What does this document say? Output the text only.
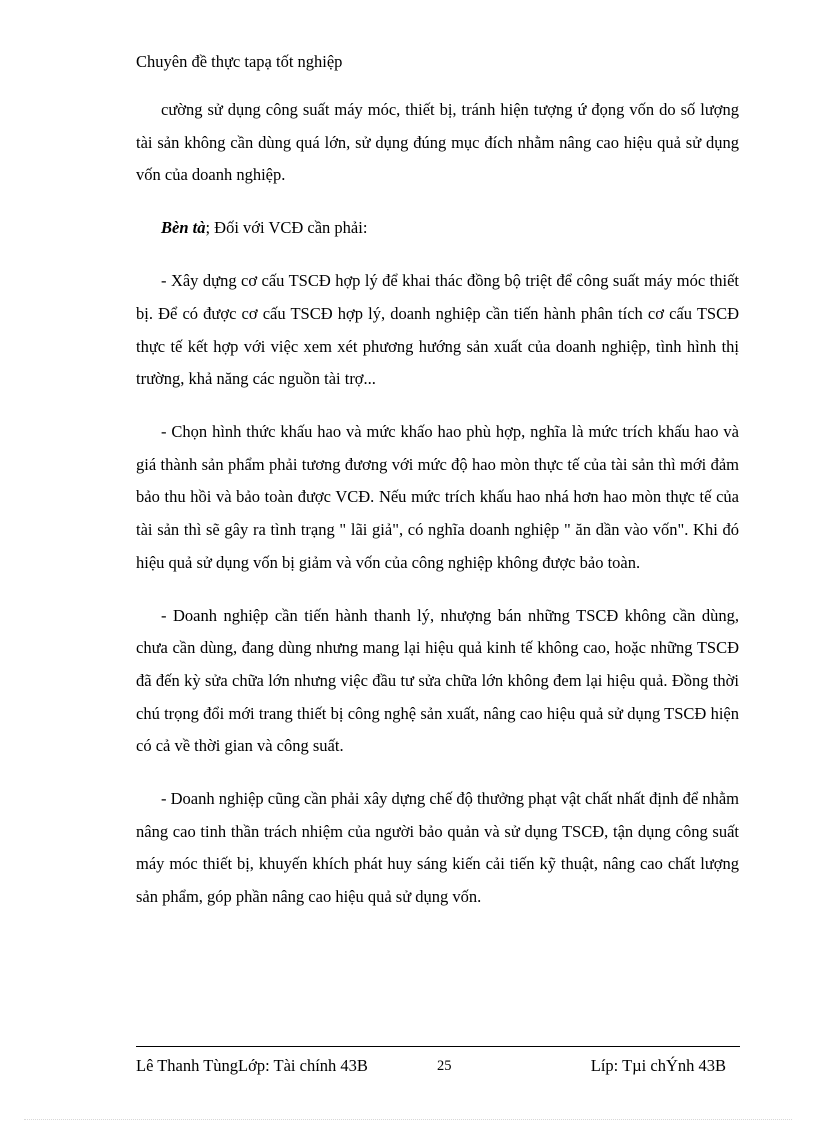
Chuyên đề thực tapạ tốt nghiệp

cường sử dụng công suất máy móc, thiết bị, tránh hiện tượng ứ đọng vốn do số lượng tài sản không cần dùng quá lớn, sử dụng đúng mục đích nhằm nâng cao hiệu quả sử dụng vốn của doanh nghiệp.

Bèn tà; Đối với VCĐ cần phải:

- Xây dựng cơ cấu TSCĐ hợp lý để khai thác đồng bộ triệt để công suất máy móc thiết bị. Để có được cơ cấu TSCĐ hợp lý, doanh nghiệp cần tiến hành phân tích cơ cấu TSCĐ thực tế kết hợp với việc xem xét phương hướng sản xuất của doanh nghiệp, tình hình thị trường, khả năng các nguồn tài trợ...

- Chọn hình thức khấu hao và mức khấo hao phù hợp, nghĩa là mức trích khấu hao và giá thành sản phẩm phải tương đương với mức độ hao mòn thực tế của tài sản thì mới đảm bảo thu hồi và bảo toàn được VCĐ. Nếu mức trích khấu hao nhá hơn hao mòn thực tế của tài sản thì sẽ gây ra tình trạng " lãi giả", có nghĩa doanh nghiệp " ăn dần vào vốn". Khi đó hiệu quả sử dụng vốn bị giảm và vốn của công nghiệp không được bảo toàn.

- Doanh nghiệp cần tiến hành thanh lý, nhượng bán những TSCĐ không cần dùng, chưa cần dùng, đang dùng nhưng mang lại hiệu quả kinh tế không cao, hoặc những TSCĐ đã đến kỳ sửa chữa lớn nhưng việc đầu tư sửa chữa lớn không đem lại hiệu quả. Đồng thời chú trọng đổi mới trang thiết bị công nghệ sản xuất, nâng cao hiệu quả sử dụng TSCĐ hiện có cả về thời gian và công suất.

- Doanh nghiệp cũng cần phải xây dựng chế độ thưởng phạt vật chất nhất định để nhằm nâng cao tinh thần trách nhiệm của người bảo quản và sử dụng TSCĐ, tận dụng công suất máy móc thiết bị, khuyến khích phát huy sáng kiến cải tiến kỹ thuật, nâng cao chất lượng sản phẩm, góp phần nâng cao hiệu quả sử dụng vốn.

Lê Thanh TùngLớp: Tài chính 43B	25	Líp: Tµi chÝnh 43B
